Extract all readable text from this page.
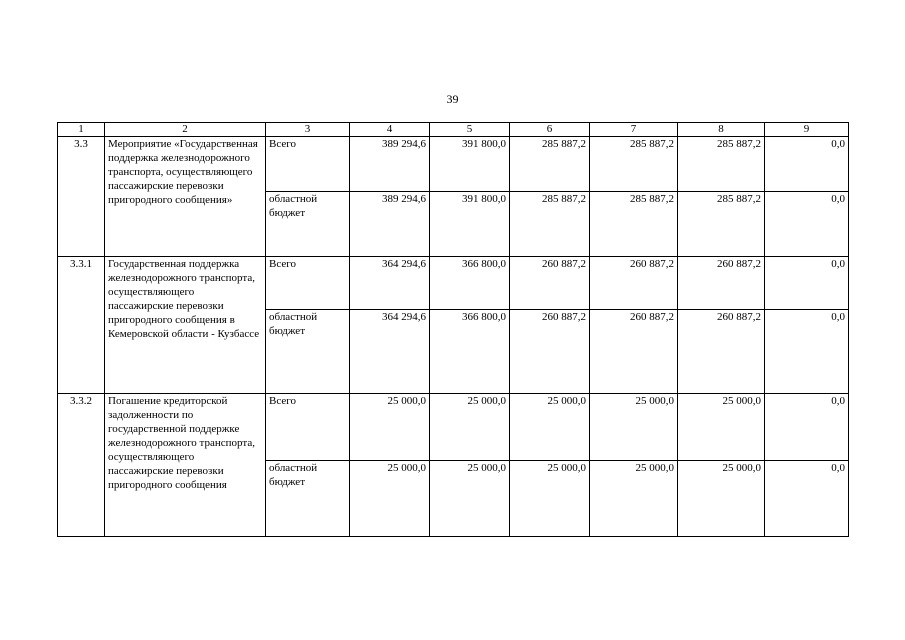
39
1	2	3	4	5	6	7	8	9
3.3	Мероприятие «Государственная поддержка железнодорожного транспорта, осуществляющего пассажирские перевозки пригородного сообщения»	Всего	389 294,6	391 800,0	285 887,2	285 887,2	285 887,2	0,0
		областной бюджет	389 294,6	391 800,0	285 887,2	285 887,2	285 887,2	0,0
3.3.1	Государственная поддержка железнодорожного транспорта, осуществляющего пассажирские перевозки пригородного сообщения в Кемеровской области - Кузбассе	Всего	364 294,6	366 800,0	260 887,2	260 887,2	260 887,2	0,0
		областной бюджет	364 294,6	366 800,0	260 887,2	260 887,2	260 887,2	0,0
3.3.2	Погашение кредиторской задолженности по государственной поддержке железнодорожного транспорта, осуществляющего пассажирские перевозки пригородного сообщения	Всего	25 000,0	25 000,0	25 000,0	25 000,0	25 000,0	0,0
		областной бюджет	25 000,0	25 000,0	25 000,0	25 000,0	25 000,0	0,0
